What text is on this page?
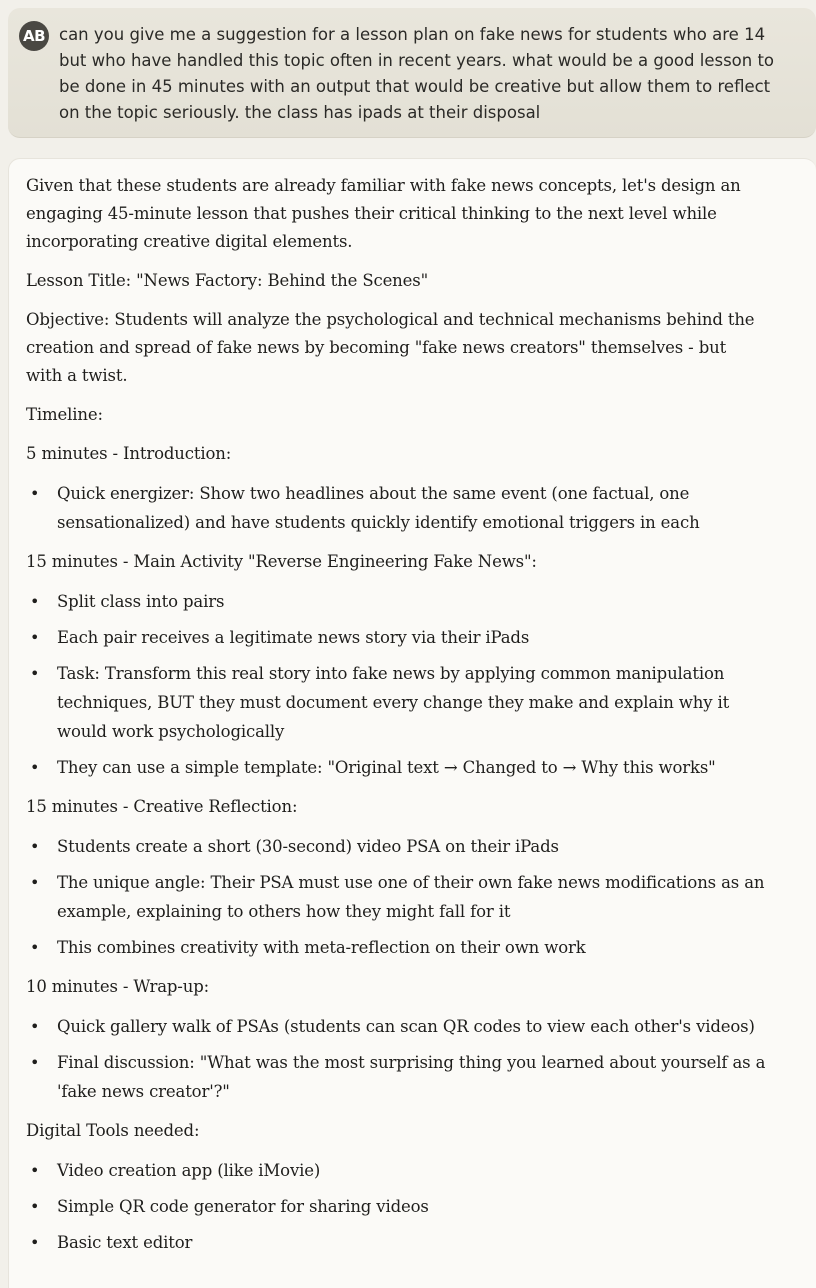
AB can you give me a suggestion for a lesson plan on fake news for students who are 14 but who have handled this topic often in recent years. what would be a good lesson to be done in 45 minutes with an output that would be creative but allow them to reflect on the topic seriously. the class has ipads at their disposal

Given that these students are already familiar with fake news concepts, let's design an engaging 45-minute lesson that pushes their critical thinking to the next level while incorporating creative digital elements.

Lesson Title: "News Factory: Behind the Scenes"

Objective: Students will analyze the psychological and technical mechanisms behind the creation and spread of fake news by becoming "fake news creators" themselves - but with a twist.

Timeline:

5 minutes - Introduction:

• Quick energizer: Show two headlines about the same event (one factual, one sensationalized) and have students quickly identify emotional triggers in each

15 minutes - Main Activity "Reverse Engineering Fake News":

• Split class into pairs
• Each pair receives a legitimate news story via their iPads
• Task: Transform this real story into fake news by applying common manipulation techniques, BUT they must document every change they make and explain why it would work psychologically
• They can use a simple template: "Original text → Changed to → Why this works"

15 minutes - Creative Reflection:

• Students create a short (30-second) video PSA on their iPads
• The unique angle: Their PSA must use one of their own fake news modifications as an example, explaining to others how they might fall for it
• This combines creativity with meta-reflection on their own work

10 minutes - Wrap-up:

• Quick gallery walk of PSAs (students can scan QR codes to view each other's videos)
• Final discussion: "What was the most surprising thing you learned about yourself as a 'fake news creator'?"

Digital Tools needed:

• Video creation app (like iMovie)
• Simple QR code generator for sharing videos
• Basic text editor
